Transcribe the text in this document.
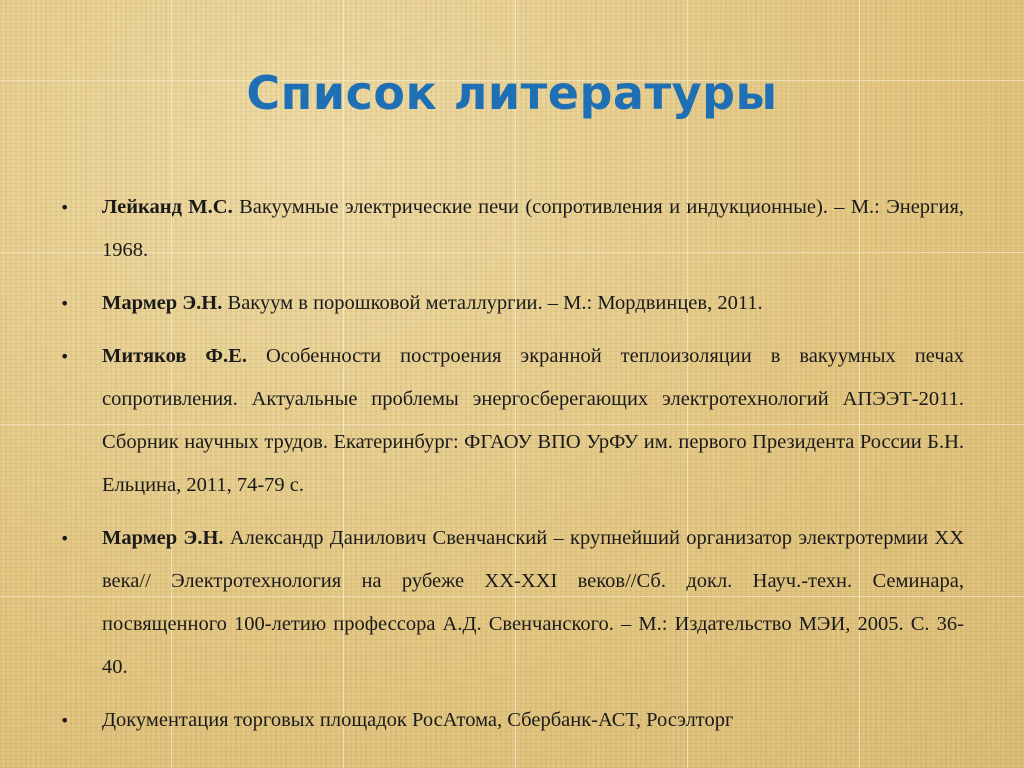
Список литературы
• Лейканд М.С. Вакуумные электрические печи (сопротивления и индукционные). – М.: Энергия, 1968.
• Мармер Э.Н. Вакуум в порошковой металлургии. – М.: Мордвинцев, 2011.
• Митяков Ф.Е. Особенности построения экранной теплоизоляции в вакуумных печах сопротивления. Актуальные проблемы энергосберегающих электротехнологий АПЭЭТ-2011. Сборник научных трудов. Екатеринбург: ФГАОУ ВПО УрФУ им. первого Президента России Б.Н. Ельцина, 2011, 74-79 с.
• Мармер Э.Н. Александр Данилович Свенчанский – крупнейший организатор электротермии XX века// Электротехнология на рубеже XX-XXI веков//Сб. докл. Науч.-техн. Семинара, посвященного 100-летию профессора А.Д. Свенчанского. – М.: Издательство МЭИ, 2005. С. 36-40.
• Документация торговых площадок РосАтома, Сбербанк-АСТ, Росэлторг
